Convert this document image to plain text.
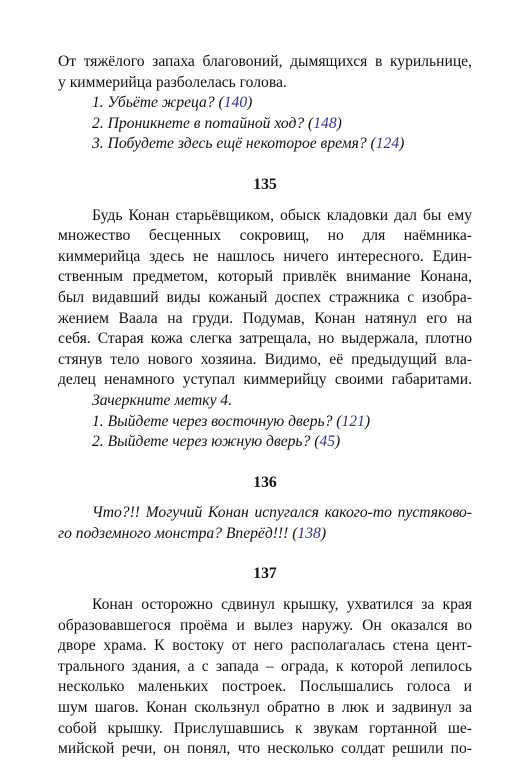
От тяжёлого запаха благовоний, дымящихся в курильнице,
у киммерийца разболелась голова.
1. Убьёте жреца? (140)
2. Проникнете в потайной ход? (148)
3. Побудете здесь ещё некоторое время? (124)
135
Будь Конан старьёвщиком, обыск кладовки дал бы ему
множество бесценных сокровищ, но для наёмника-
киммерийца здесь не нашлось ничего интересного. Един-
ственным предметом, который привлёк внимание Конана,
был видавший виды кожаный доспех стражника с изобра-
жением Ваала на груди. Подумав, Конан натянул его на
себя. Старая кожа слегка затрещала, но выдержала, плотно
стянув тело нового хозяина. Видимо, её предыдущий вла-
делец ненамного уступал киммерийцу своими габаритами.
Зачеркните метку 4.
1. Выйдете через восточную дверь? (121)
2. Выйдете через южную дверь? (45)
136
Что?!! Могучий Конан испугался какого-то пустяково-
го подземного монстра? Вперёд!!! (138)
137
Конан осторожно сдвинул крышку, ухватился за края
образовавшегося проёма и вылез наружу. Он оказался во
дворе храма. К востоку от него располагалась стена цент-
трального здания, а с запада – ограда, к которой лепилось
несколько маленьких построек. Послышались голоса и
шум шагов. Конан скользнул обратно в люк и задвинул за
собой крышку. Прислушавшись к звукам гортанной ше-
мийской речи, он понял, что несколько солдат решили по-
